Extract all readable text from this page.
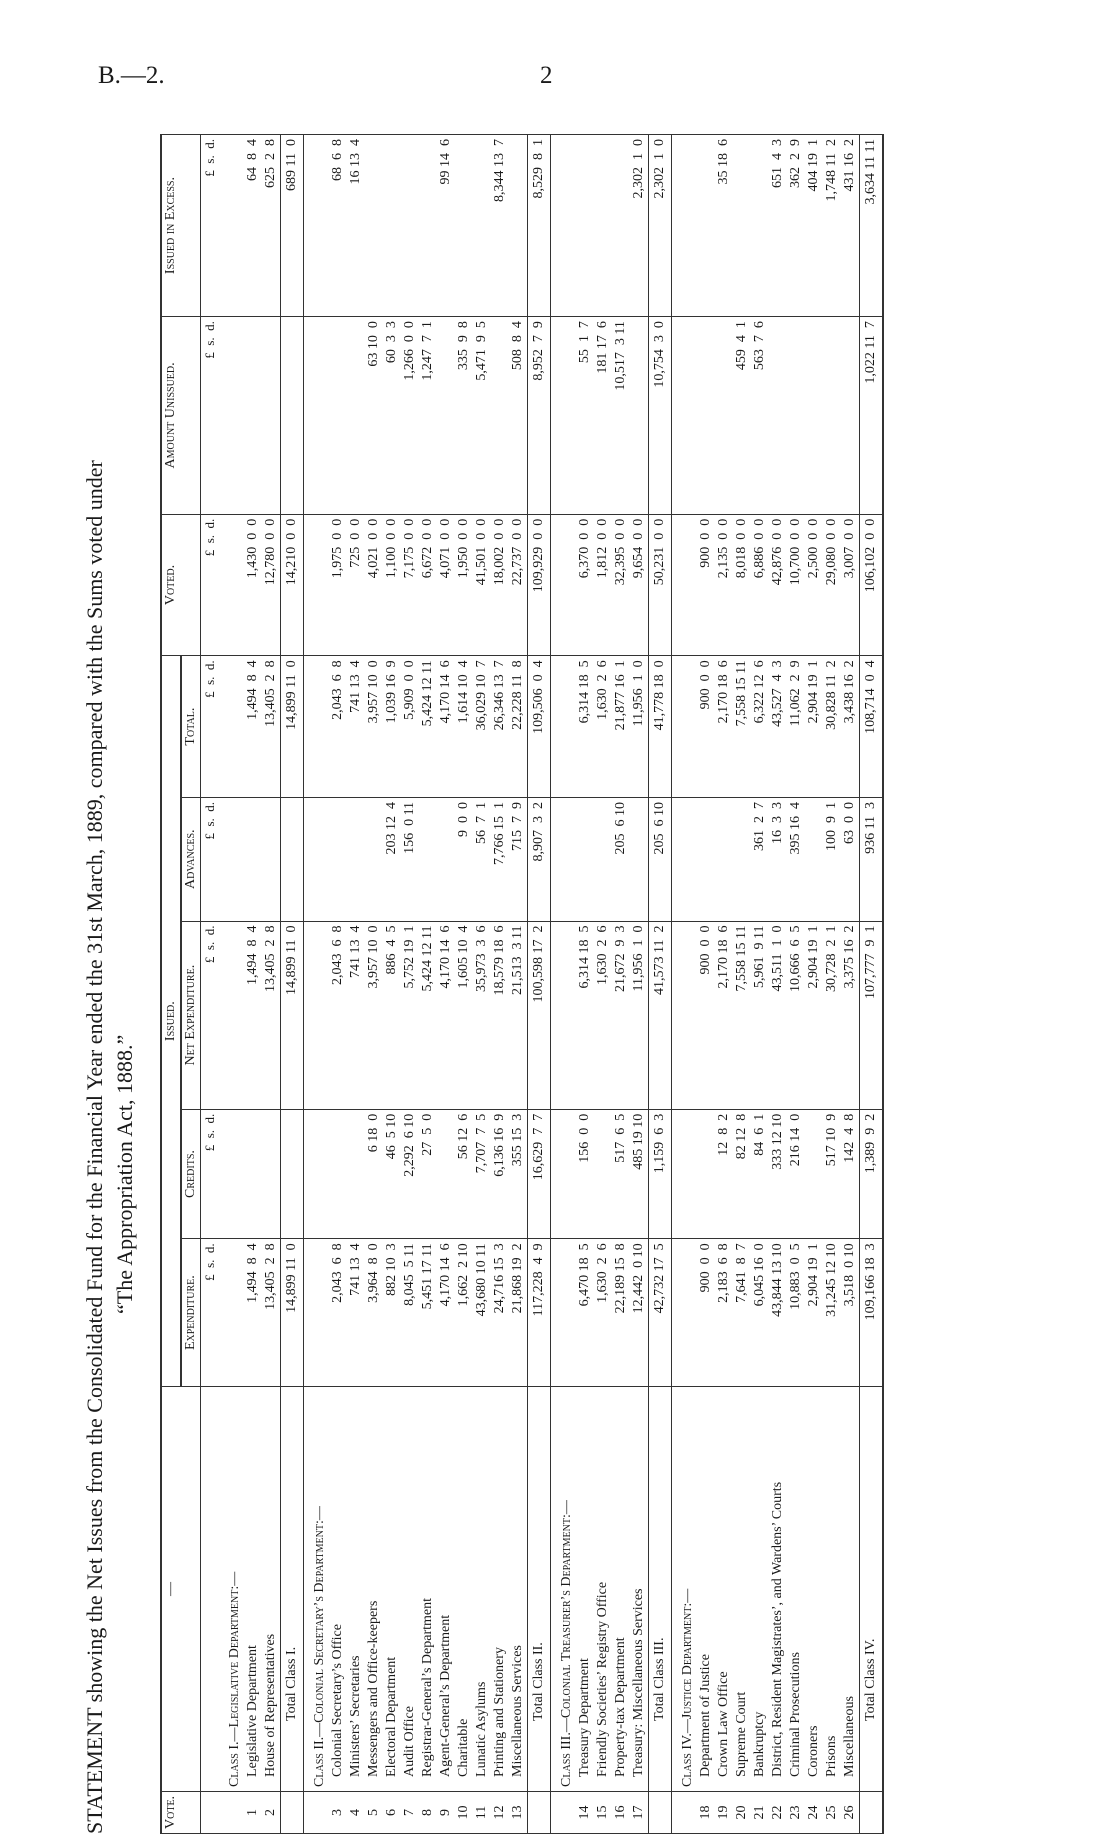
B.—2.	2
STATEMENT showing the Net Issues from the Consolidated Fund for the Financial Year ended the 31st March, 1889, compared with the Sums voted under “The Appropriation Act, 1888.”
Vote.	—	Issued.					Voted.	Amount Unissued.	Issued in Excess.
		Expenditure.	Credits.	Net Expenditure.	Advances.	Total.			
		£  s.  d.	£  s.  d.	£  s.  d.	£  s.  d.	£  s.  d.	£  s.  d.	£  s.  d.	£  s.  d.
	Class I.—Legislative Department:—								
1	Legislative Department	1,494  8  4		1,494  8  4		1,494  8  4	1,430  0  0		64  8  4
2	House of Representatives	13,405  2  8		13,405  2  8		13,405  2  8	12,780  0  0		625  2  8
	Total Class I.	14,899 11  0		14,899 11  0		14,899 11  0	14,210  0  0		689 11  0
	Class II.—Colonial Secretary’s Department:—								
3	Colonial Secretary’s Office	2,043  6  8		2,043  6  8		2,043  6  8	1,975  0  0		68  6  8
4	Ministers’ Secretaries	741 13  4		741 13  4		741 13  4	725  0  0		16 13  4
5	Messengers and Office-keepers	3,964  8  0	6 18  0	3,957 10  0		3,957 10  0	4,021  0  0	63 10  0	
6	Electoral Department	882 10  3	46  5 10	886  4  5	203 12  4	1,039 16  9	1,100  0  0	60  3  3	
7	Audit Office	8,045  5 11	2,292  6 10	5,752 19  1	156  0 11	5,909  0  0	7,175  0  0	1,266  0  0	
8	Registrar-General’s Department	5,451 17 11	27  5  0	5,424 12 11		5,424 12 11	6,672  0  0	1,247  7  1	
9	Agent-General’s Department	4,170 14  6		4,170 14  6		4,170 14  6	4,071  0  0		99 14  6
10	Charitable	1,662  2 10	56 12  6	1,605 10  4	9  0  0	1,614 10  4	1,950  0  0	335  9  8	
11	Lunatic Asylums	43,680 10 11	7,707  7  5	35,973  3  6	56  7  1	36,029 10  7	41,501  0  0	5,471  9  5	
12	Printing and Stationery	24,716 15  3	6,136 16  9	18,579 18  6	7,766 15  1	26,346 13  7	18,002  0  0		8,344 13  7
13	Miscellaneous Services	21,868 19  2	355 15  3	21,513  3 11	715  7  9	22,228 11  8	22,737  0  0	508  8  4	
	Total Class II.	117,228  4  9	16,629  7  7	100,598 17  2	8,907  3  2	109,506  0  4	109,929  0  0	8,952  7  9	8,529  8  1
	Class III.—Colonial Treasurer’s Department:—								
14	Treasury Department	6,470 18  5	156  0  0	6,314 18  5		6,314 18  5	6,370  0  0	55  1  7	
15	Friendly Societies’ Registry Office	1,630  2  6		1,630  2  6		1,630  2  6	1,812  0  0	181 17  6	
16	Property-tax Department	22,189 15  8	517  6  5	21,672  9  3	205  6 10	21,877 16  1	32,395  0  0	10,517  3 11	
17	Treasury: Miscellaneous Services	12,442  0 10	485 19 10	11,956  1  0		11,956  1  0	9,654  0  0		2,302  1  0
	Total Class III.	42,732 17  5	1,159  6  3	41,573 11  2	205  6 10	41,778 18  0	50,231  0  0	10,754  3  0	2,302  1  0
	Class IV.—Justice Department:—								
18	Department of Justice	900  0  0		900  0  0		900  0  0	900  0  0		
19	Crown Law Office	2,183  6  8	12  8  2	2,170 18  6		2,170 18  6	2,135  0  0		35 18  6
20	Supreme Court	7,641  8  7	82 12  8	7,558 15 11		7,558 15 11	8,018  0  0	459  4  1	
21	Bankruptcy	6,045 16  0	84  6  1	5,961  9 11	361  2  7	6,322 12  6	6,886  0  0	563  7  6	
22	District, Resident Magistrates’, and Wardens’ Courts	43,844 13 10	333 12 10	43,511  1  0	16  3  3	43,527  4  3	42,876  0  0		651  4  3
23	Criminal Prosecutions	10,883  0  5	216 14  0	10,666  6  5	395 16  4	11,062  2  9	10,700  0  0		362  2  9
24	Coroners	2,904 19  1		2,904 19  1		2,904 19  1	2,500  0  0		404 19  1
25	Prisons	31,245 12 10	517 10  9	30,728  2  1	100  9  1	30,828 11  2	29,080  0  0		1,748 11  2
26	Miscellaneous	3,518  0 10	142  4  8	3,375 16  2	63  0  0	3,438 16  2	3,007  0  0		431 16  2
	Total Class IV.	109,166 18  3	1,389  9  2	107,777  9  1	936 11  3	108,714  0  4	106,102  0  0	1,022 11  7	3,634 11 11
